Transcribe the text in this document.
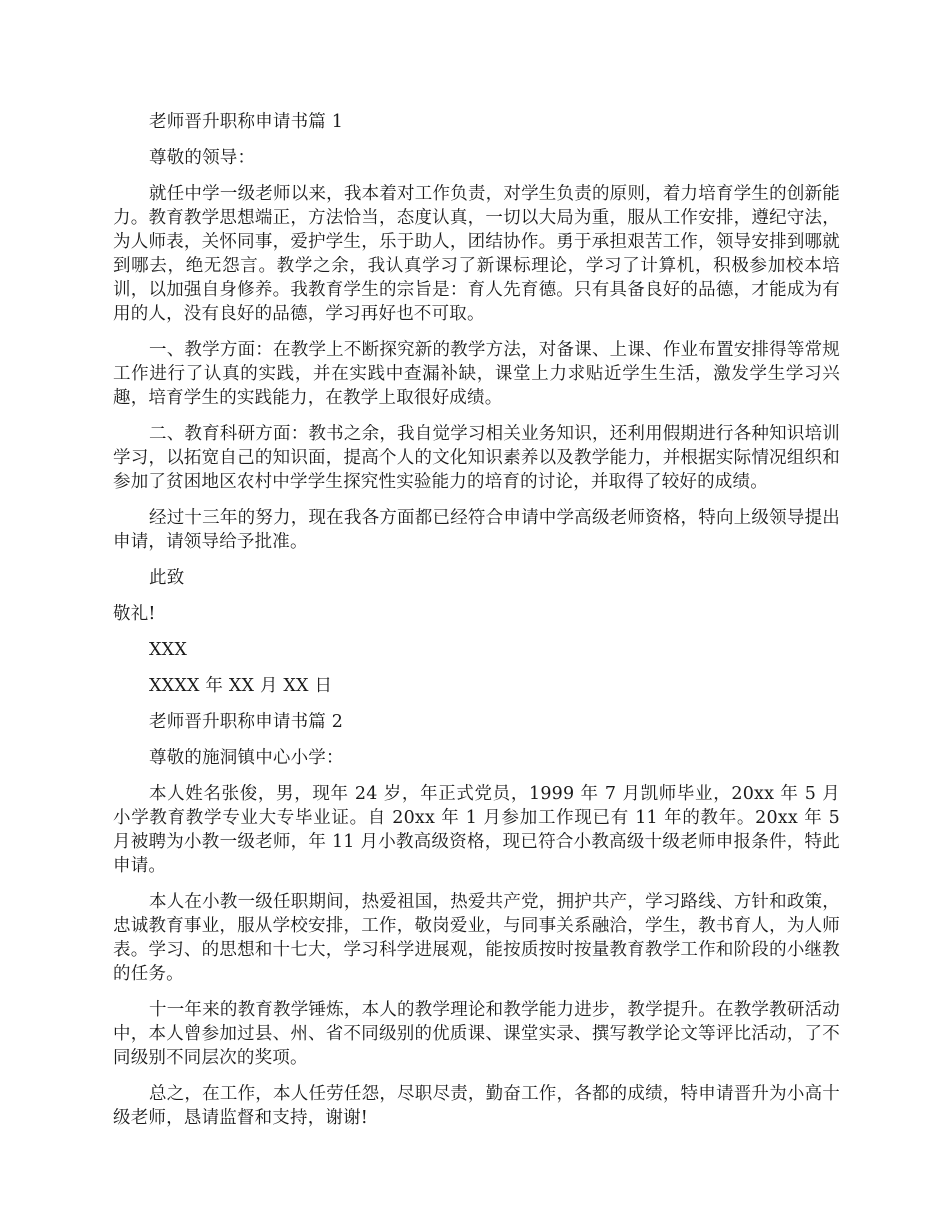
老师晋升职称申请书篇 1

尊敬的领导：

就任中学一级老师以来，我本着对工作负责，对学生负责的原则，着力培育学生的创新能力。教育教学思想端正，方法恰当，态度认真，一切以大局为重，服从工作安排，遵纪守法，为人师表，关怀同事，爱护学生，乐于助人，团结协作。勇于承担艰苦工作，领导安排到哪就到哪去，绝无怨言。教学之余，我认真学习了新课标理论，学习了计算机，积极参加校本培训，以加强自身修养。我教育学生的宗旨是：育人先育德。只有具备良好的品德，才能成为有用的人，没有良好的品德，学习再好也不可取。

一、教学方面：在教学上不断探究新的教学方法，对备课、上课、作业布置安排得等常规工作进行了认真的实践，并在实践中查漏补缺，课堂上力求贴近学生生活，激发学生学习兴趣，培育学生的实践能力，在教学上取很好成绩。

二、教育科研方面：教书之余，我自觉学习相关业务知识，还利用假期进行各种知识培训学习，以拓宽自己的知识面，提高个人的文化知识素养以及教学能力，并根据实际情况组织和参加了贫困地区农村中学学生探究性实验能力的培育的讨论，并取得了较好的成绩。

经过十三年的努力，现在我各方面都已经符合申请中学高级老师资格，特向上级领导提出申请，请领导给予批准。

此致

敬礼!

XXX

XXXX 年 XX 月 XX 日

老师晋升职称申请书篇 2

尊敬的施洞镇中心小学：

本人姓名张俊，男，现年 24 岁，年正式党员，1999 年 7 月凯师毕业，20xx 年 5 月小学教育教学专业大专毕业证。自 20xx 年 1 月参加工作现已有 11 年的教年。20xx 年 5 月被聘为小教一级老师，年 11 月小教高级资格，现已符合小教高级十级老师申报条件，特此申请。

本人在小教一级任职期间，热爱祖国，热爱共产党，拥护共产，学习路线、方针和政策，忠诚教育事业，服从学校安排，工作，敬岗爱业，与同事关系融洽，学生，教书育人，为人师表。学习、的思想和十七大，学习科学进展观，能按质按时按量教育教学工作和阶段的小继教的任务。

十一年来的教育教学锤炼，本人的教学理论和教学能力进步，教学提升。在教学教研活动中，本人曾参加过县、州、省不同级别的优质课、课堂实录、撰写教学论文等评比活动，了不同级别不同层次的奖项。

总之，在工作，本人任劳任怨，尽职尽责，勤奋工作，各都的成绩，特申请晋升为小高十级老师，恳请监督和支持，谢谢!
